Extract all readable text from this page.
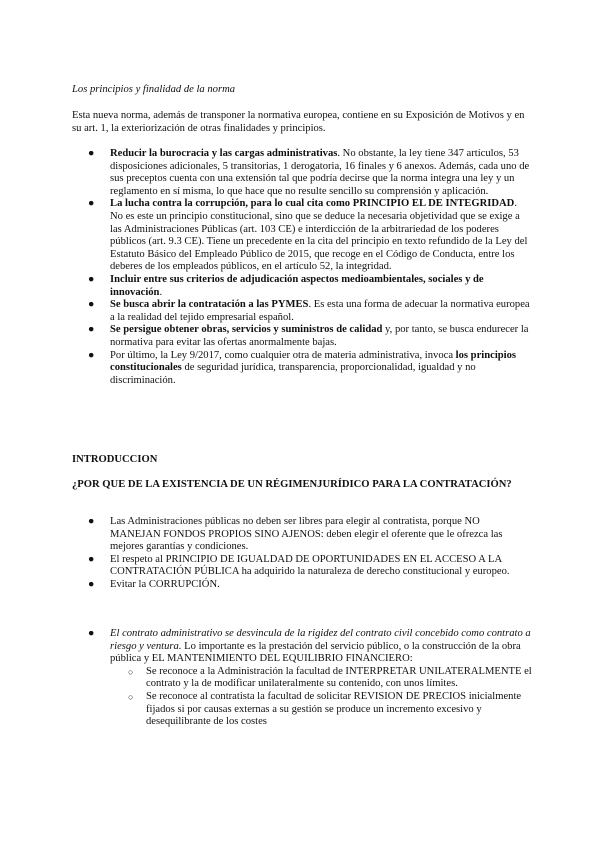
Los principios y finalidad de la norma

Esta nueva norma, además de transponer la normativa europea, contiene en su Exposición de Motivos y en su art. 1, la exteriorización de otras finalidades y principios.

● Reducir la burocracia y las cargas administrativas. No obstante, la ley tiene 347 artículos, 53 disposiciones adicionales, 5 transitorias, 1 derogatoria, 16 finales y 6 anexos. Además, cada uno de sus preceptos cuenta con una extensión tal que podría decirse que la norma integra una ley y un reglamento en sí misma, lo que hace que no resulte sencillo su comprensión y aplicación.
● La lucha contra la corrupción, para lo cual cita como PRINCIPIO EL DE INTEGRIDAD. No es este un principio constitucional, sino que se deduce la necesaria objetividad que se exige a las Administraciones Públicas (art. 103 CE) e interdicción de la arbitrariedad de los poderes públicos (art. 9.3 CE). Tiene un precedente en la cita del principio en texto refundido de la Ley del Estatuto Básico del Empleado Público de 2015, que recoge en el Código de Conducta, entre los deberes de los empleados públicos, en el artículo 52, la integridad.
● Incluir entre sus criterios de adjudicación aspectos medioambientales, sociales y de innovación.
● Se busca abrir la contratación a las PYMES. Es esta una forma de adecuar la normativa europea a la realidad del tejido empresarial español.
● Se persigue obtener obras, servicios y suministros de calidad y, por tanto, se busca endurecer la normativa para evitar las ofertas anormalmente bajas.
● Por último, la Ley 9/2017, como cualquier otra de materia administrativa, invoca los principios constitucionales de seguridad jurídica, transparencia, proporcionalidad, igualdad y no discriminación.

INTRODUCCION

¿POR QUE DE LA EXISTENCIA DE UN RÉGIMENJURÍDICO PARA LA CONTRATACIÓN?

● Las Administraciones públicas no deben ser libres para elegir al contratista, porque NO MANEJAN FONDOS PROPIOS SINO AJENOS: deben elegir el oferente que le ofrezca las mejores garantías y condiciones.
● El respeto al PRINCIPIO DE IGUALDAD DE OPORTUNIDADES EN EL ACCESO A LA CONTRATACIÓN PÚBLICA ha adquirido la naturaleza de derecho constitucional y europeo.
● Evitar la CORRUPCIÓN.
● El contrato administrativo se desvincula de la rigidez del contrato civil concebido como contrato a riesgo y ventura. Lo importante es la prestación del servicio público, o la construcción de la obra pública y EL MANTENIMIENTO DEL EQUILIBRIO FINANCIERO:
○ Se reconoce a la Administración la facultad de INTERPRETAR UNILATERALMENTE el contrato y la de modificar unilateralmente su contenido, con unos límites.
○ Se reconoce al contratista la facultad de solicitar REVISION DE PRECIOS inicialmente fijados si por causas externas a su gestión se produce un incremento excesivo y desequilibrante de los costes
